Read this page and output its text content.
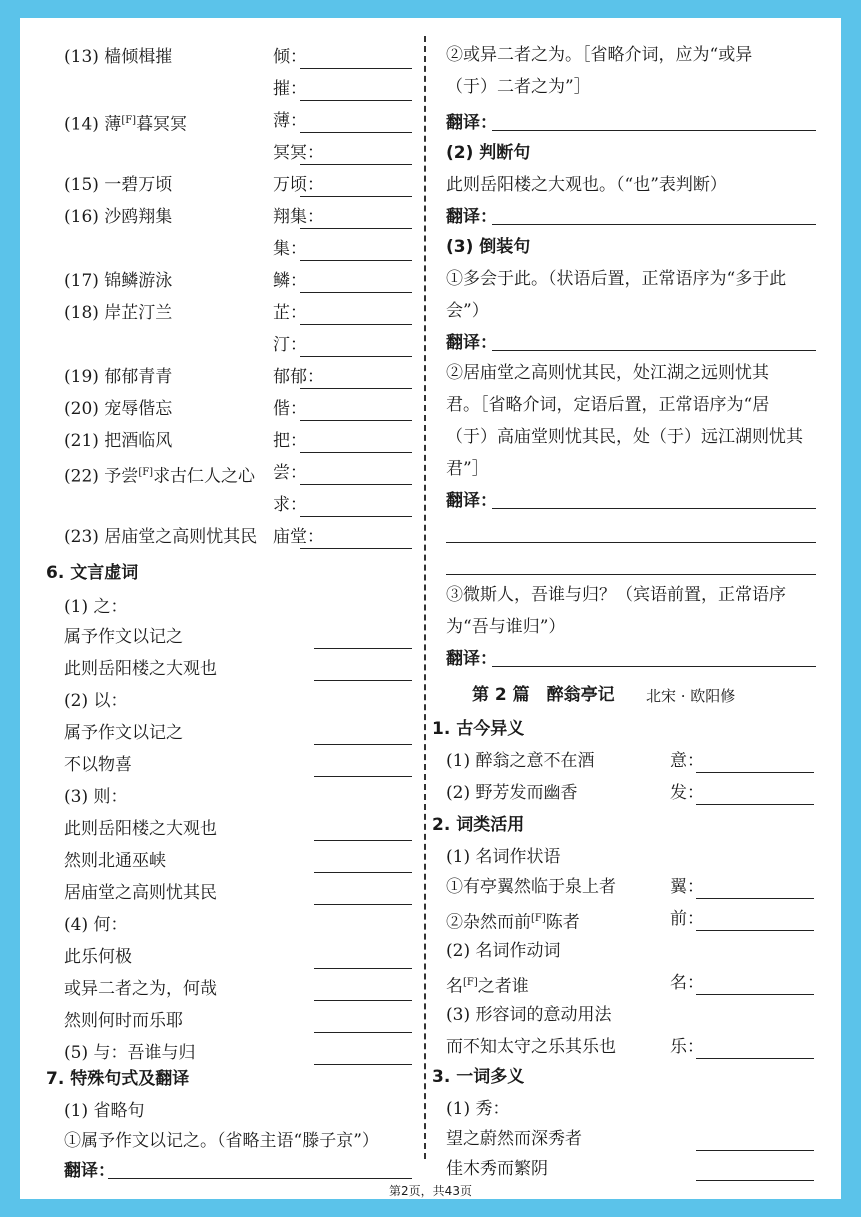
(13) 樯倾楫摧	倾：
摧：
(14) 薄[F]暮冥冥	薄：
冥冥：
(15) 一碧万顷	万顷：
(16) 沙鸥翔集	翔集：
集：
(17) 锦鳞游泳	鳞：
(18) 岸芷汀兰	芷：
汀：
(19) 郁郁青青	郁郁：
(20) 宠辱偕忘	偕：
(21) 把酒临风	把：
(22) 予尝[F]求古仁人之心 尝：
求：
(23) 居庙堂之高则忧其民 庙堂：
6. 文言虚词
(1) 之：
属予作文以记之
此则岳阳楼之大观也
(2) 以：
属予作文以记之
不以物喜
(3) 则：
此则岳阳楼之大观也
然则北通巫峡
居庙堂之高则忧其民
(4) 何：
此乐何极
或异二者之为，何哉
然则何时而乐耶
(5) 与：吾谁与归
7. 特殊句式及翻译
(1) 省略句
①属予作文以记之。（省略主语“滕子京”）
翻译：
②或异二者之为。［省略介词，应为“或异
（于）二者之为”］
翻译：
(2) 判断句
此则岳阳楼之大观也。（“也”表判断）
翻译：
(3) 倒装句
①多会于此。（状语后置，正常语序为“多于此
会”）
翻译：
②居庙堂之高则忧其民，处江湖之远则忧其
君。［省略介词，定语后置，正常语序为“居
（于）高庙堂则忧其民，处（于）远江湖则忧其
君”］
翻译：
③微斯人，吾谁与归？（宾语前置，正常语序
为“吾与谁归”）
翻译：
第 2 篇　醉翁亭记 北宋 · 欧阳修
1. 古今异义
(1) 醉翁之意不在酒	意：
(2) 野芳发而幽香	发：
2. 词类活用
(1) 名词作状语
①有亭翼然临于泉上者	翼：
②杂然而前[F]陈者	前：
(2) 名词作动词
名[F]之者谁	名：
(3) 形容词的意动用法
而不知太守之乐其乐也	乐：
3. 一词多义
(1) 秀：
望之蔚然而深秀者
佳木秀而繁阴
第2页，共43页
